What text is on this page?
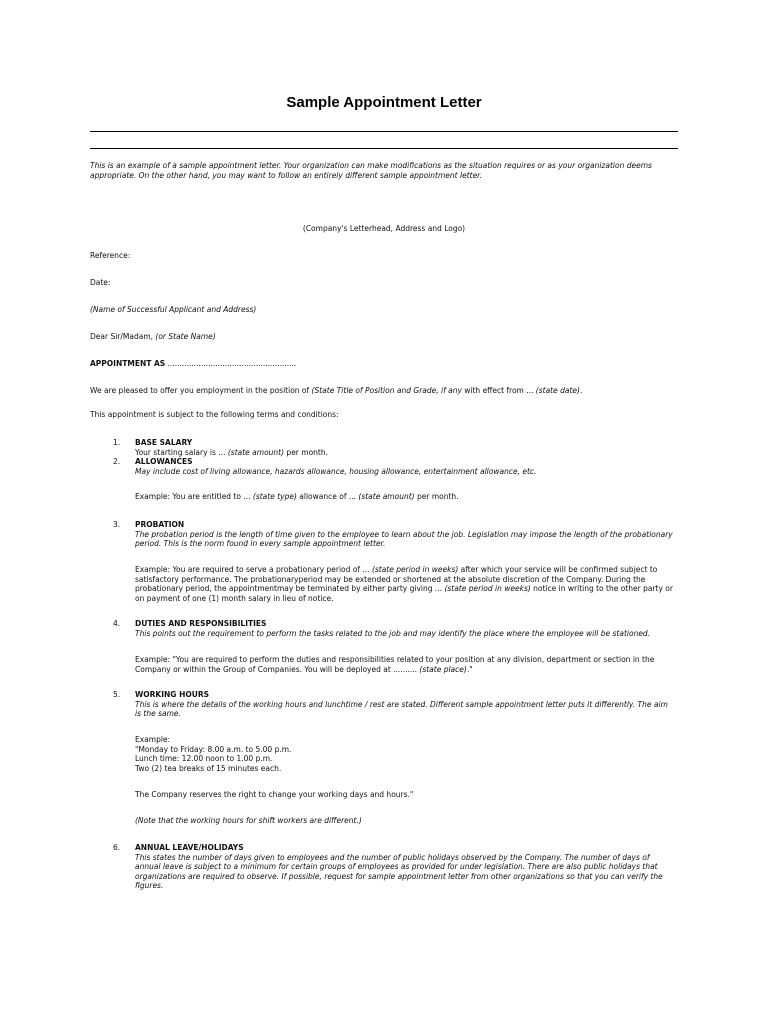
Sample Appointment Letter
This is an example of a sample appointment letter. Your organization can make modifications as the situation requires or as your organization deems appropriate. On the other hand, you may want to follow an entirely different sample appointment letter.
(Company's Letterhead, Address and Logo)
Reference:
Date:
(Name of Successful Applicant and Address)
Dear Sir/Madam, (or State Name)
APPOINTMENT AS ......................................................
We are pleased to offer you employment in the position of (State Title of Position and Grade, if any with effect from ... (state date).
This appointment is subject to the following terms and conditions:
1. BASE SALARY
Your starting salary is ... (state amount) per month.
2. ALLOWANCES
May include cost of living allowance, hazards allowance, housing allowance, entertainment allowance, etc.
Example: You are entitled to ... (state type) allowance of ... (state amount) per month.
3. PROBATION
The probation period is the length of time given to the employee to learn about the job. Legislation may impose the length of the probationary period. This is the norm found in every sample appointment letter.
Example: You are required to serve a probationary period of ... (state period in weeks) after which your service will be confirmed subject to satisfactory performance. The probationaryperiod may be extended or shortened at the absolute discretion of the Company. During the probationary period, the appointmentmay be terminated by either party giving ... (state period in weeks) notice in writing to the other party or on payment of one (1) month salary in lieu of notice.
4. DUTIES AND RESPONSIBILITIES
This points out the requirement to perform the tasks related to the job and may identify the place where the employee will be stationed.
Example: "You are required to perform the duties and responsibilities related to your position at any division, department or section in the Company or within the Group of Companies. You will be deployed at .......... (state place)."
5. WORKING HOURS
This is where the details of the working hours and lunchtime / rest are stated. Different sample appointment letter puts it differently. The aim is the same.
Example:
"Monday to Friday: 8.00 a.m. to 5.00 p.m.
Lunch time: 12.00 noon to 1.00 p.m.
Two (2) tea breaks of 15 minutes each.
The Company reserves the right to change your working days and hours."
(Note that the working hours for shift workers are different.)
6. ANNUAL LEAVE/HOLIDAYS
This states the number of days given to employees and the number of public holidays observed by the Company. The number of days of annual leave is subject to a minimum for certain groups of employees as provided for under legislation. There are also public holidays that organizations are required to observe. If possible, request for sample appointment letter from other organizations so that you can verify the figures.
